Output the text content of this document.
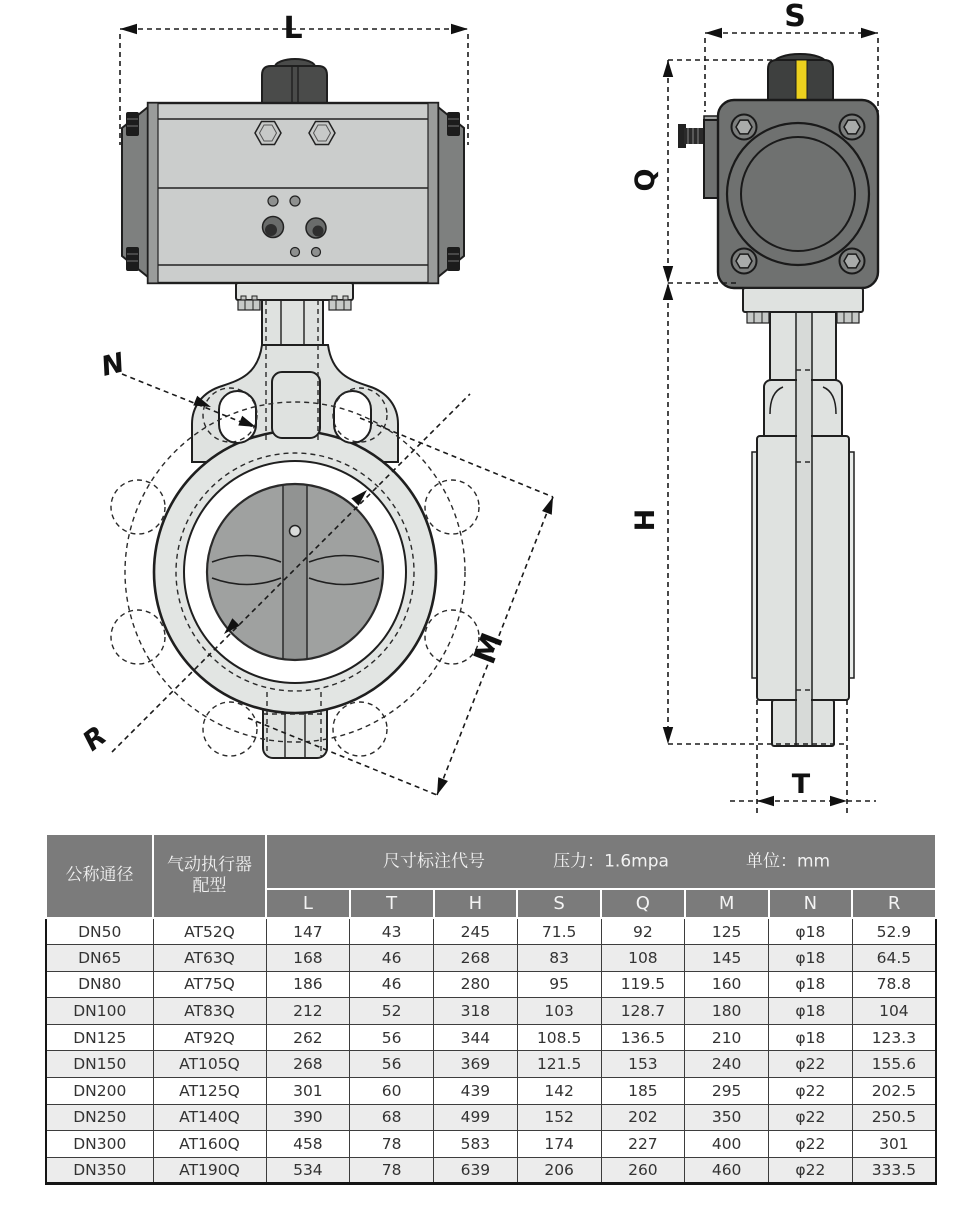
L
N
R
M
S
Q
H
T
公称通径	
气动执行器
配型

尺寸标注代号	压力：1.6mpa	单位：mm

		L	T	H	S	Q	M	N	R
DN50	AT52Q	147	43	245	71.5	92	125	φ18	52.9
DN65	AT63Q	168	46	268	83	108	145	φ18	64.5
DN80	AT75Q	186	46	280	95	119.5	160	φ18	78.8
DN100	AT83Q	212	52	318	103	128.7	180	φ18	104
DN125	AT92Q	262	56	344	108.5	136.5	210	φ18	123.3
DN150	AT105Q	268	56	369	121.5	153	240	φ22	155.6
DN200	AT125Q	301	60	439	142	185	295	φ22	202.5
DN250	AT140Q	390	68	499	152	202	350	φ22	250.5
DN300	AT160Q	458	78	583	174	227	400	φ22	301
DN350	AT190Q	534	78	639	206	260	460	φ22	333.5
